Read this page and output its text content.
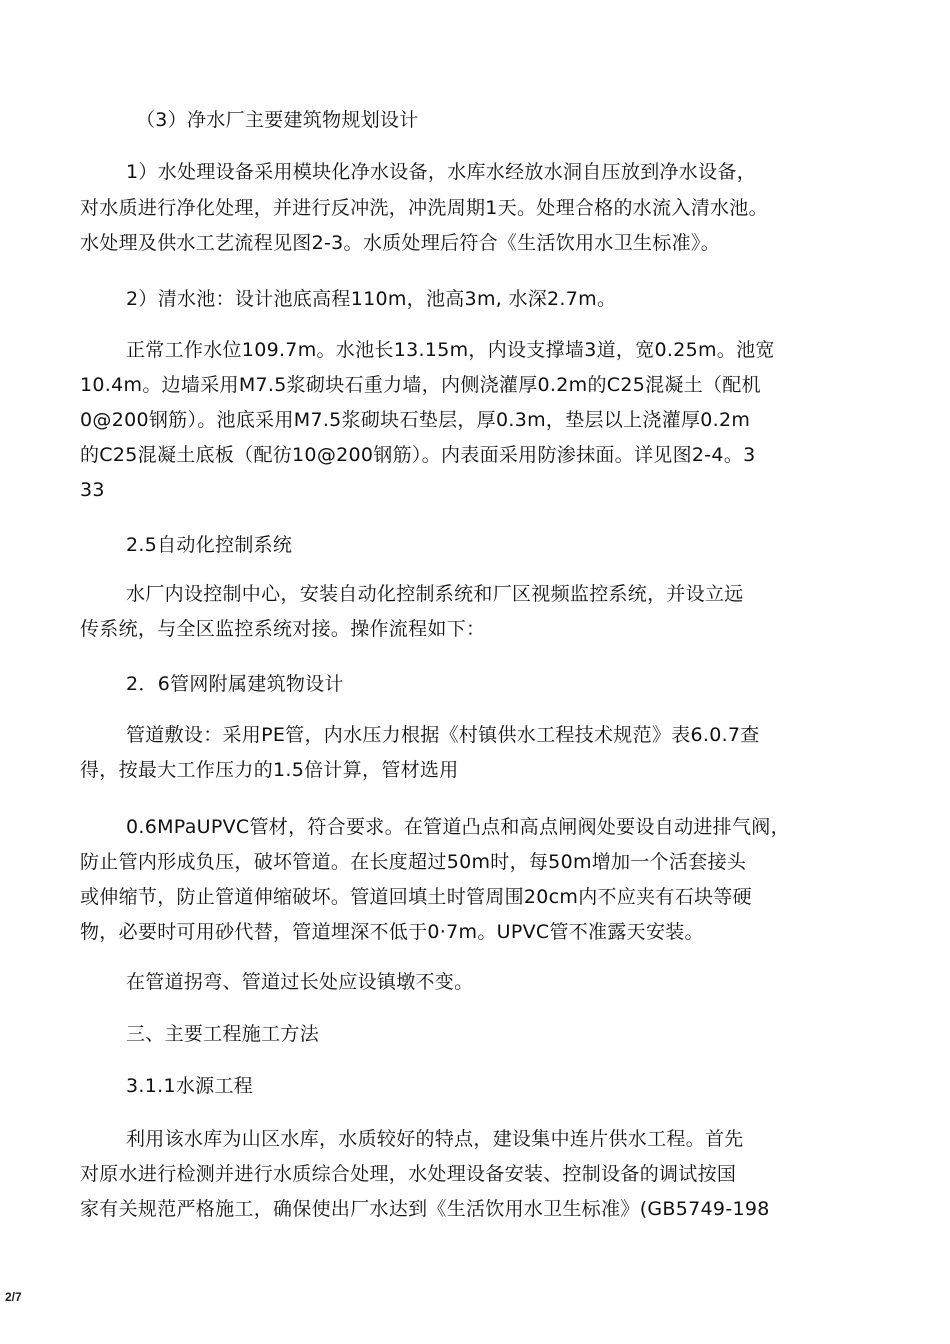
（3）净水厂主要建筑物规划设计
1）水处理设备采用模块化净水设备，水库水经放水洞自压放到净水设备，
对水质进行净化处理，并进行反冲洗，冲洗周期1天。处理合格的水流入清水池。
水处理及供水工艺流程见图2-3。水质处理后符合《生活饮用水卫生标准》。
2）清水池：设计池底高程110m，池高3m, 水深2.7m。
正常工作水位109.7m。水池长13.15m，内设支撑墙3道，宽0.25m。池宽
10.4m。边墙采用M7.5浆砌块石重力墙，内侧浇灌厚0.2m的C25混凝土（配机
0@200钢筋）。池底采用M7.5浆砌块石垫层，厚0.3m，垫层以上浇灌厚0.2m
的C25混凝土底板（配彷10@200钢筋）。内表面采用防渗抹面。详见图2-4。3
33
2.5自动化控制系统
水厂内设控制中心，安装自动化控制系统和厂区视频监控系统，并设立远
传系统，与全区监控系统对接。操作流程如下：
2．6管网附属建筑物设计
管道敷设：采用PE管，内水压力根据《村镇供水工程技术规范》表6.0.7查
得，按最大工作压力的1.5倍计算，管材选用
0.6MPaUPVC管材，符合要求。在管道凸点和高点闸阀处要设自动进排气阀，
防止管内形成负压，破坏管道。在长度超过50m时，每50m增加一个活套接头
或伸缩节，防止管道伸缩破坏。管道回填土时管周围20cm内不应夹有石块等硬
物，必要时可用砂代替，管道埋深不低于0·7m。UPVC管不准露天安装。
在管道拐弯、管道过长处应设镇墩不变。
三、主要工程施工方法
3.1.1水源工程
利用该水库为山区水库，水质较好的特点，建设集中连片供水工程。首先
对原水进行检测并进行水质综合处理，水处理设备安装、控制设备的调试按国
家有关规范严格施工，确保使出厂水达到《生活饮用水卫生标准》(GB5749-198
2/7
